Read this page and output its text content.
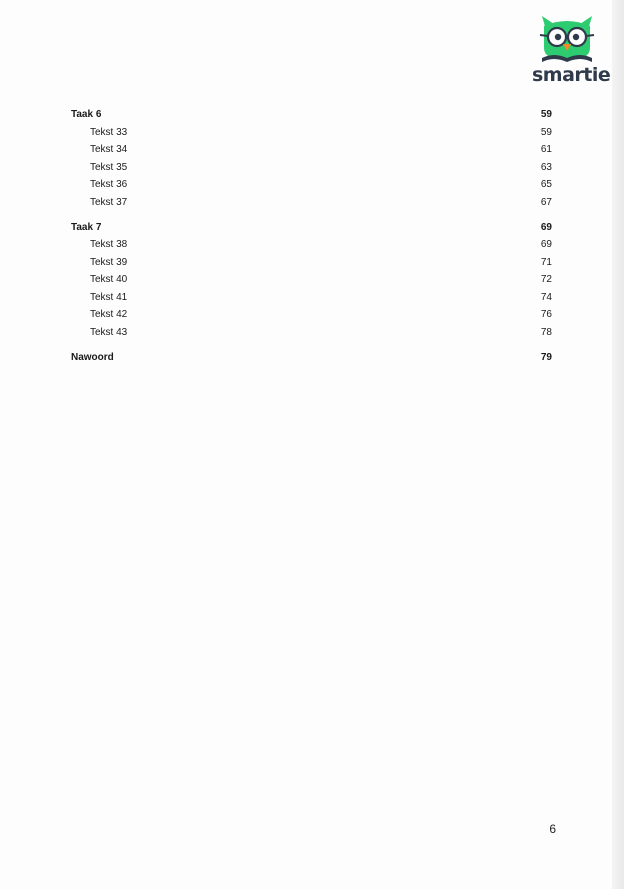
smartie
Taak 6	59
Tekst 33	59
Tekst 34	61
Tekst 35	63
Tekst 36	65
Tekst 37	67
Taak 7	69
Tekst 38	69
Tekst 39	71
Tekst 40	72
Tekst 41	74
Tekst 42	76
Tekst 43	78
Nawoord	79
6
